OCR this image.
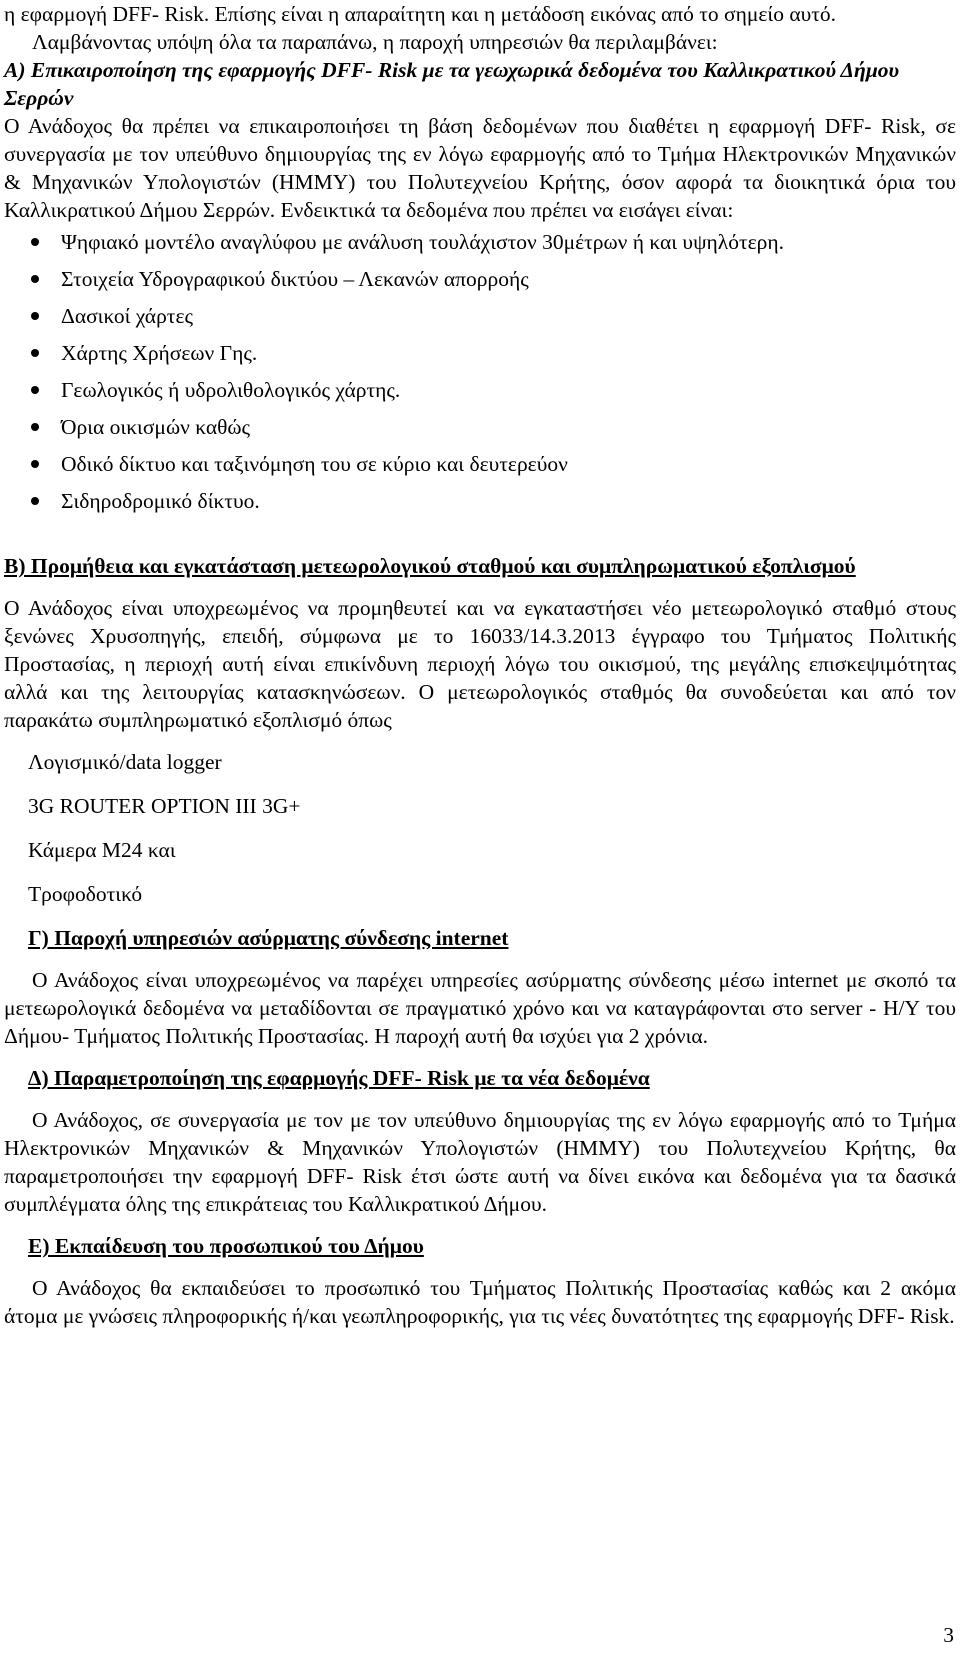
η εφαρμογή DFF- Risk. Επίσης είναι η απαραίτητη και η μετάδοση εικόνας από το σημείο αυτό.

Λαμβάνοντας υπόψη όλα τα παραπάνω, η παροχή υπηρεσιών θα περιλαμβάνει:

Α) Επικαιροποίηση της εφαρμογής DFF- Risk με τα γεωχωρικά δεδομένα του Καλλικρατικού Δήμου Σερρών

Ο Ανάδοχος θα πρέπει να επικαιροποιήσει τη βάση δεδομένων που διαθέτει η εφαρμογή DFF- Risk, σε συνεργασία με τον υπεύθυνο δημιουργίας της εν λόγω εφαρμογής από το Τμήμα Ηλεκτρονικών Μηχανικών & Μηχανικών Υπολογιστών (ΗΜΜΥ) του Πολυτεχνείου Κρήτης, όσον αφορά τα διοικητικά όρια του Καλλικρατικού Δήμου Σερρών. Ενδεικτικά τα δεδομένα που πρέπει να εισάγει είναι:

Ψηφιακό μοντέλο αναγλύφου με ανάλυση τουλάχιστον 30μέτρων ή και υψηλότερη.
Στοιχεία Υδρογραφικού δικτύου – Λεκανών απορροής
Δασικοί χάρτες
Χάρτης Χρήσεων Γης.
Γεωλογικός ή υδρολιθολογικός χάρτης.
Όρια οικισμών καθώς
Οδικό δίκτυο και ταξινόμηση του σε κύριο και δευτερεύον
Σιδηροδρομικό δίκτυο.

Β) Προμήθεια και εγκατάσταση μετεωρολογικού σταθμού και συμπληρωματικού εξοπλισμού

Ο Ανάδοχος είναι υποχρεωμένος να προμηθευτεί και να εγκαταστήσει νέο μετεωρολογικό σταθμό στους ξενώνες Χρυσοπηγής, επειδή, σύμφωνα με το 16033/14.3.2013 έγγραφο του Τμήματος Πολιτικής Προστασίας, η περιοχή αυτή είναι επικίνδυνη περιοχή λόγω του οικισμού, της μεγάλης επισκεψιμότητας αλλά και της λειτουργίας κατασκηνώσεων. Ο μετεωρολογικός σταθμός θα συνοδεύεται και από τον παρακάτω συμπληρωματικό εξοπλισμό όπως

Λογισμικό/data logger

3G ROUTER OPTION III 3G+

Κάμερα M24 και

Τροφοδοτικό

Γ) Παροχή υπηρεσιών ασύρματης σύνδεσης internet

Ο Ανάδοχος είναι υποχρεωμένος να παρέχει υπηρεσίες ασύρματης σύνδεσης μέσω internet με σκοπό τα μετεωρολογικά δεδομένα να μεταδίδονται σε πραγματικό χρόνο και να καταγράφονται στο server - Η/Υ του Δήμου- Τμήματος Πολιτικής Προστασίας. Η παροχή αυτή θα ισχύει για 2 χρόνια.

Δ) Παραμετροποίηση της εφαρμογής DFF- Risk με τα νέα δεδομένα

Ο Ανάδοχος, σε συνεργασία με τον με τον υπεύθυνο δημιουργίας της εν λόγω εφαρμογής από το Τμήμα Ηλεκτρονικών Μηχανικών & Μηχανικών Υπολογιστών (ΗΜΜΥ) του Πολυτεχνείου Κρήτης, θα παραμετροποιήσει την εφαρμογή DFF- Risk έτσι ώστε αυτή να δίνει εικόνα και δεδομένα για τα δασικά συμπλέγματα όλης της επικράτειας του Καλλικρατικού Δήμου.

Ε) Εκπαίδευση του προσωπικού του Δήμου

Ο Ανάδοχος θα εκπαιδεύσει το προσωπικό του Τμήματος Πολιτικής Προστασίας καθώς και 2 ακόμα άτομα με γνώσεις πληροφορικής ή/και γεωπληροφορικής, για τις νέες δυνατότητες της εφαρμογής DFF- Risk.

3
